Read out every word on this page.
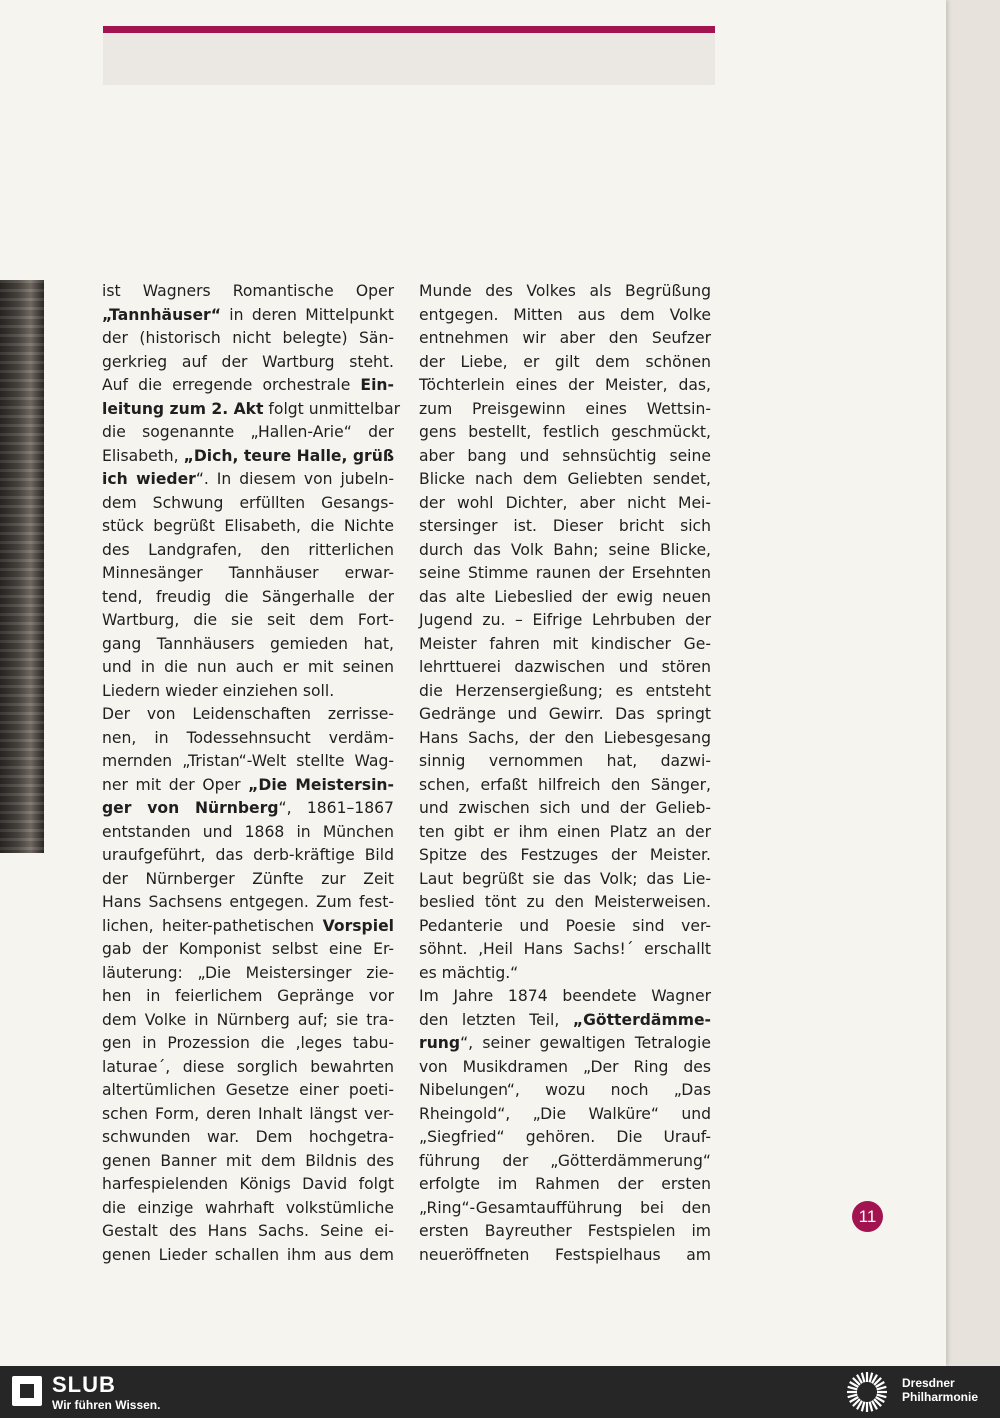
ist Wagners Romantische Oper
„Tannhäuser“ in deren Mittelpunkt
der (historisch nicht belegte) Sän-
gerkrieg auf der Wartburg steht.
Auf die erregende orchestrale Ein-
leitung zum 2. Akt folgt unmittelbar
die sogenannte „Hallen-Arie“ der
Elisabeth, „Dich, teure Halle, grüß
ich wieder“. In diesem von jubeln-
dem Schwung erfüllten Gesangs-
stück begrüßt Elisabeth, die Nichte
des Landgrafen, den ritterlichen
Minnesänger Tannhäuser erwar-
tend, freudig die Sängerhalle der
Wartburg, die sie seit dem Fort-
gang Tannhäusers gemieden hat,
und in die nun auch er mit seinen
Liedern wieder einziehen soll.
Der von Leidenschaften zerrisse-
nen, in Todessehnsucht verdäm-
mernden „Tristan“-Welt stellte Wag-
ner mit der Oper „Die Meistersin-
ger von Nürnberg“, 1861–1867
entstanden und 1868 in München
uraufgeführt, das derb-kräftige Bild
der Nürnberger Zünfte zur Zeit
Hans Sachsens entgegen. Zum fest-
lichen, heiter-pathetischen Vorspiel
gab der Komponist selbst eine Er-
läuterung: „Die Meistersinger zie-
hen in feierlichem Gepränge vor
dem Volke in Nürnberg auf; sie tra-
gen in Prozession die ‚leges tabu-
laturae´, diese sorglich bewahrten
altertümlichen Gesetze einer poeti-
schen Form, deren Inhalt längst ver-
schwunden war. Dem hochgetra-
genen Banner mit dem Bildnis des
harfespielenden Königs David folgt
die einzige wahrhaft volkstümliche
Gestalt des Hans Sachs. Seine ei-
genen Lieder schallen ihm aus dem
Munde des Volkes als Begrüßung
entgegen. Mitten aus dem Volke
entnehmen wir aber den Seufzer
der Liebe, er gilt dem schönen
Töchterlein eines der Meister, das,
zum Preisgewinn eines Wettsin-
gens bestellt, festlich geschmückt,
aber bang und sehnsüchtig seine
Blicke nach dem Geliebten sendet,
der wohl Dichter, aber nicht Mei-
stersinger ist. Dieser bricht sich
durch das Volk Bahn; seine Blicke,
seine Stimme raunen der Ersehnten
das alte Liebeslied der ewig neuen
Jugend zu. – Eifrige Lehrbuben der
Meister fahren mit kindischer Ge-
lehrttuerei dazwischen und stören
die Herzensergießung; es entsteht
Gedränge und Gewirr. Das springt
Hans Sachs, der den Liebesgesang
sinnig vernommen hat, dazwi-
schen, erfaßt hilfreich den Sänger,
und zwischen sich und der Gelieb-
ten gibt er ihm einen Platz an der
Spitze des Festzuges der Meister.
Laut begrüßt sie das Volk; das Lie-
beslied tönt zu den Meisterweisen.
Pedanterie und Poesie sind ver-
söhnt. ‚Heil Hans Sachs!´ erschallt
es mächtig.“
Im Jahre 1874 beendete Wagner
den letzten Teil, „Götterdämme-
rung“, seiner gewaltigen Tetralogie
von Musikdramen „Der Ring des
Nibelungen“, wozu noch „Das
Rheingold“, „Die Walküre“ und
„Siegfried“ gehören. Die Urauf-
führung der „Götterdämmerung“
erfolgte im Rahmen der ersten
„Ring“-Gesamtaufführung bei den
ersten Bayreuther Festspielen im
neueröffneten Festspielhaus am
11
SLUB
Wir führen Wissen.
Dresdner
Philharmonie
